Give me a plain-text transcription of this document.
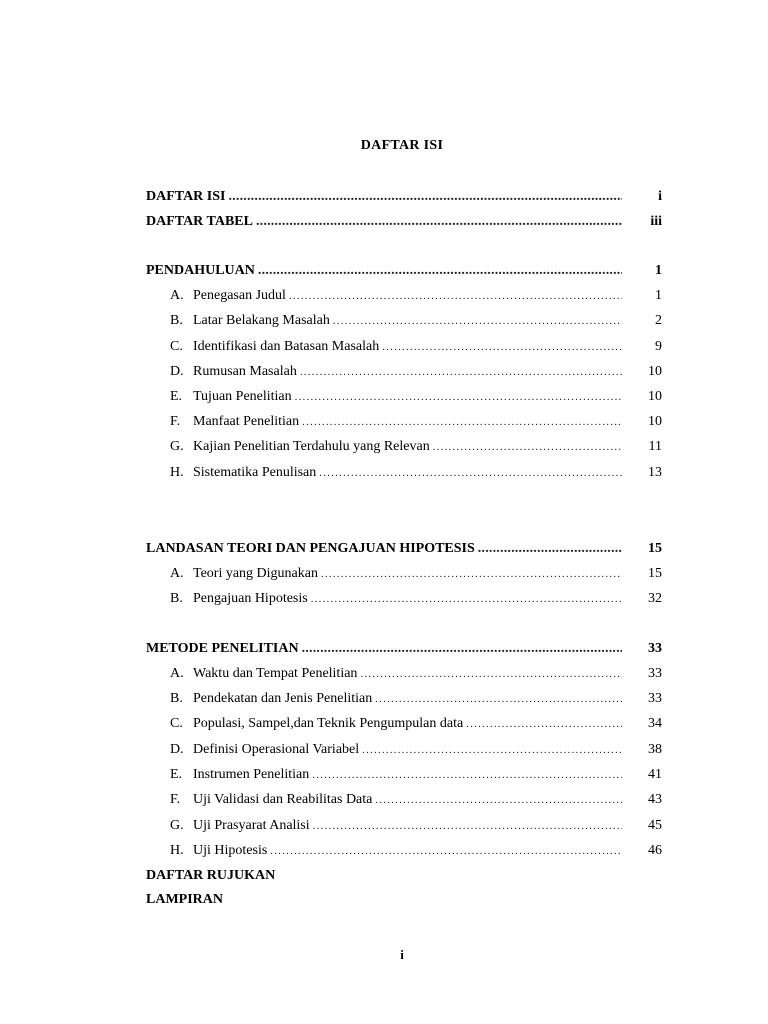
DAFTAR ISI
DAFTAR ISI .....	i
DAFTAR TABEL .....	iii
PENDAHULUAN .....	1
A. Penegasan Judul .....	1
B. Latar Belakang Masalah .....	2
C. Identifikasi dan Batasan Masalah .....	9
D. Rumusan Masalah .....	10
E. Tujuan Penelitian .....	10
F. Manfaat Penelitian .....	10
G. Kajian Penelitian Terdahulu yang Relevan .....	11
H. Sistematika Penulisan .....	13
LANDASAN TEORI DAN PENGAJUAN HIPOTESIS .....	15
A. Teori yang Digunakan .....	15
B. Pengajuan Hipotesis .....	32
METODE PENELITIAN .....	33
A. Waktu dan Tempat Penelitian .....	33
B. Pendekatan dan Jenis Penelitian .....	33
C. Populasi, Sampel,dan Teknik Pengumpulan data .....	34
D. Definisi Operasional Variabel .....	38
E. Instrumen Penelitian .....	41
F. Uji Validasi dan Reabilitas Data .....	43
G. Uji Prasyarat Analisi .....	45
H. Uji Hipotesis .....	46
DAFTAR RUJUKAN
LAMPIRAN
i
